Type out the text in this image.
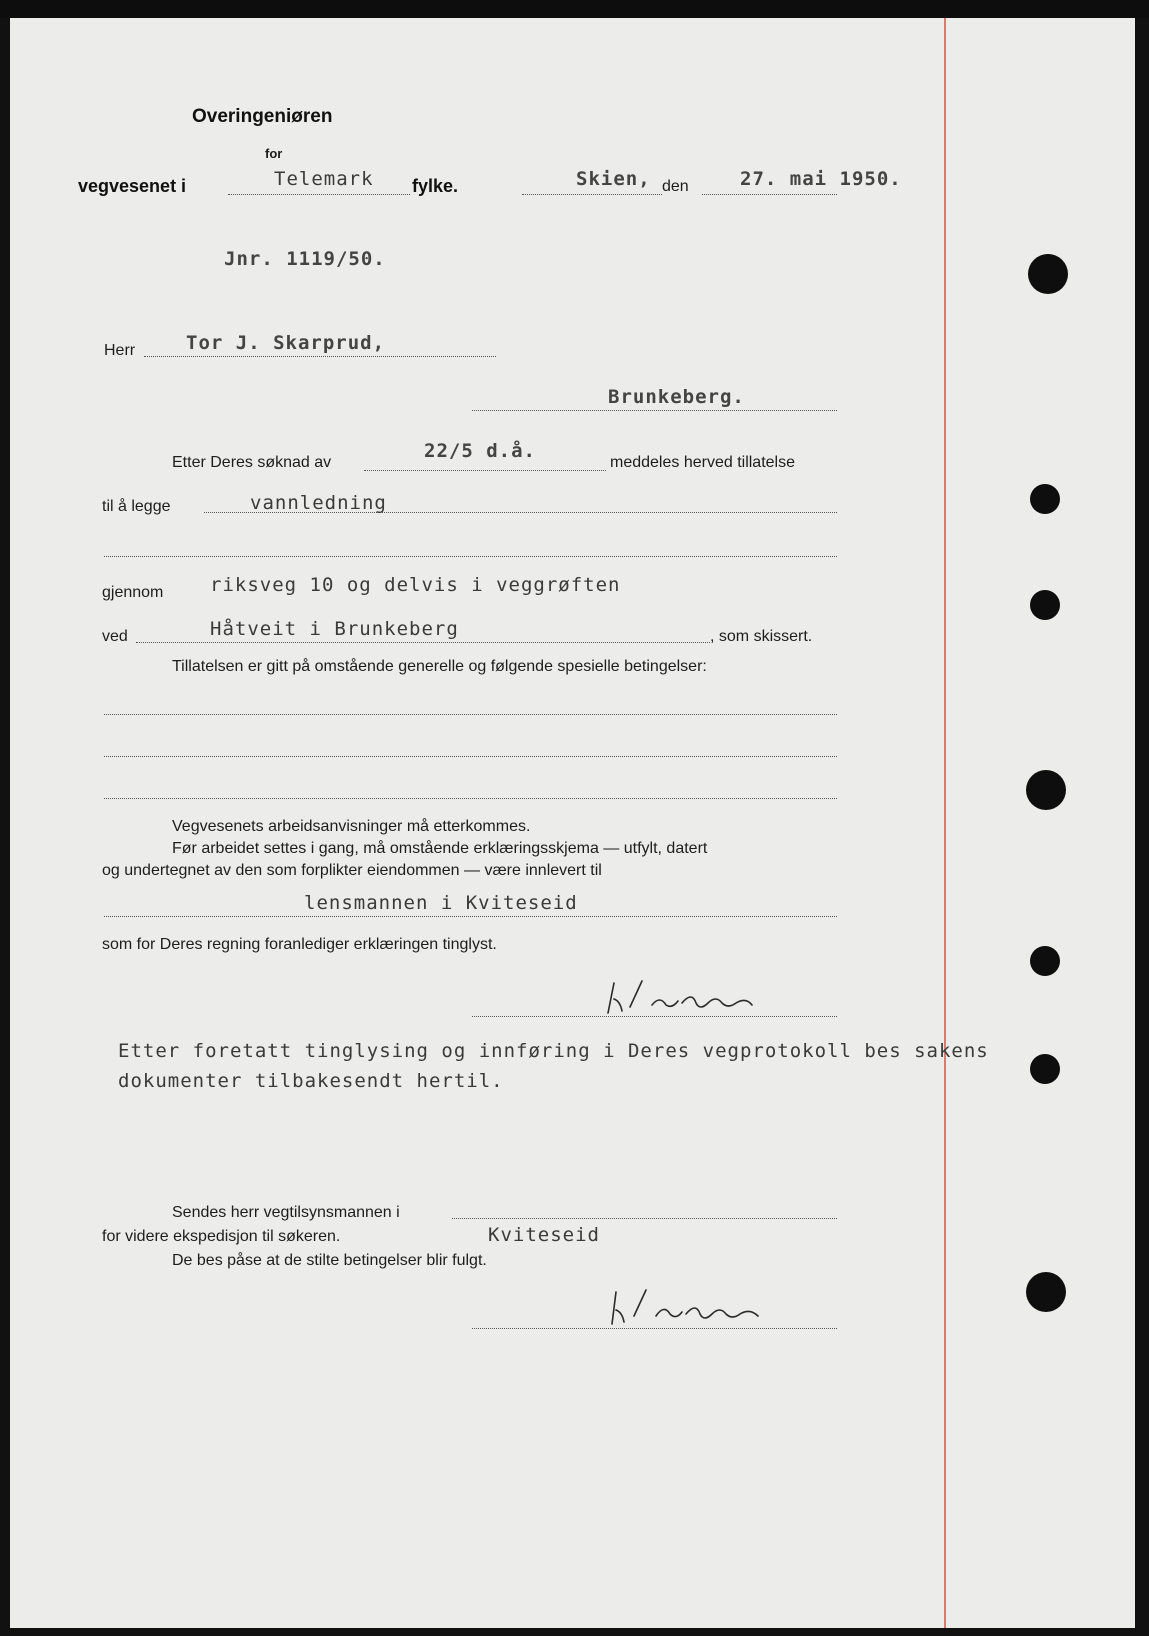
Overingeniøren
for
vegvesenet i	Telemark fylke.	Skien, den	27. mai 1950.
Jnr. 1119/50.
Herr	Tor J. Skarprud,
Brunkeberg.
Etter Deres søknad av
22/5 d.å.
meddeles herved tillatelse
til å legge	vannledning
gjennom riksveg 10 og delvis i veggrøften
ved	Håtveit i Brunkeberg	, som skissert.
Tillatelsen er gitt på omstående generelle og følgende spesielle betingelser:
Vegvesenets arbeidsanvisninger må etterkommes.
Før arbeidet settes i gang, må omstående erklæringsskjema — utfylt, datert
og undertegnet av den som forplikter eiendommen — være innlevert til
lensmannen i Kviteseid
som for Deres regning foranlediger erklæringen tinglyst.
Etter foretatt tinglysing og innføring i Deres vegprotokoll bes sakens
dokumenter tilbakesendt hertil.
Sendes herr vegtilsynsmannen i
for videre ekspedisjon til søkeren.	Kviteseid
De bes påse at de stilte betingelser blir fulgt.
